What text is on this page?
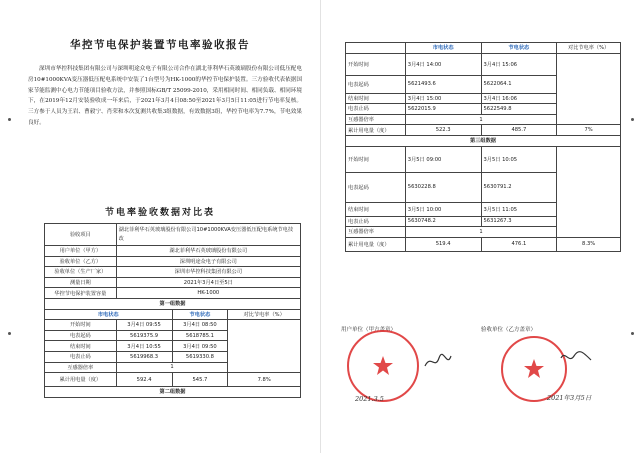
华控节电保护装置节电率验收报告
深圳市华控科技集团有限公司与深圳明途众电子有限公司合作在湖北菲利华石英玻璃股份有限公司低压配电房10#1000KVA变压器低压配电系统中安装了1台型号为HK-1000的华控节电保护装置。三方验收代表依据国家节能监测中心电力节能项目验收方法，并参照国标GB/T 25099-2010，采用相同时间、相同负载、相同环境下，在2019年12月安装验收成一年来后，于2021年3月4日08:50至2021年3月5日11:05进行节电率复核。三方参于人员为王岩、曹毅宁、肖荣和本次复测共收集3组数据，有效数据3组，华控节电率为7.7%，节电效果良好。
节电率验收数据对比表
验收项目	湖北菲利华石英玻璃股份有限公司10#1000KVA变压器低压配电系统节电技改		
用户单位（甲方）	湖北菲利华石英玻璃股份有限公司		
验收单位（乙方）	深圳明途众电子有限公司		
验收单位（生产厂家）	深圳市华控科技集团有限公司		
测量日期	2021年3月4日至5日		
华控节电保护装置容量	HK-1000		
第一组数据			
市电状态		节电状态	对比节电率（%）
开始时间	3月4日 09:55	3月4日 08:50	
电表起码	5619375.9	5618785.1	
结束时间	3月4日 10:55	3月4日 09:50	
电表止码	5619968.3	5619330.8	
互感器倍率	1		
累计用电量（度）	592.4	545.7	7.8%
第二组数据			
	市电状态	节电状态	对比节电率（%）
开始时间	3月4日 14:00	3月4日 15:06	
电表起码	5621493.6	5622064.1	
结束时间	3月4日 15:00	3月4日 16:06	
电表止码	5622015.9	5622549.8	
互感器倍率	1		
累计用电量（度）	522.3	485.7	7%
第三组数据			
开始时间	3月5日 09:00	3月5日 10:05	
电表起码	5630228.8	5630791.2	
结束时间	3月5日 10:00	3月5日 11:05	
电表止码	5630748.2	5631267.3	
互感器倍率	1		
累计用电量（度）	519.4	476.1	8.3%
用户单位（甲方盖章）	验收单位（乙方盖章）
2021.3.5	2021年3月5日
